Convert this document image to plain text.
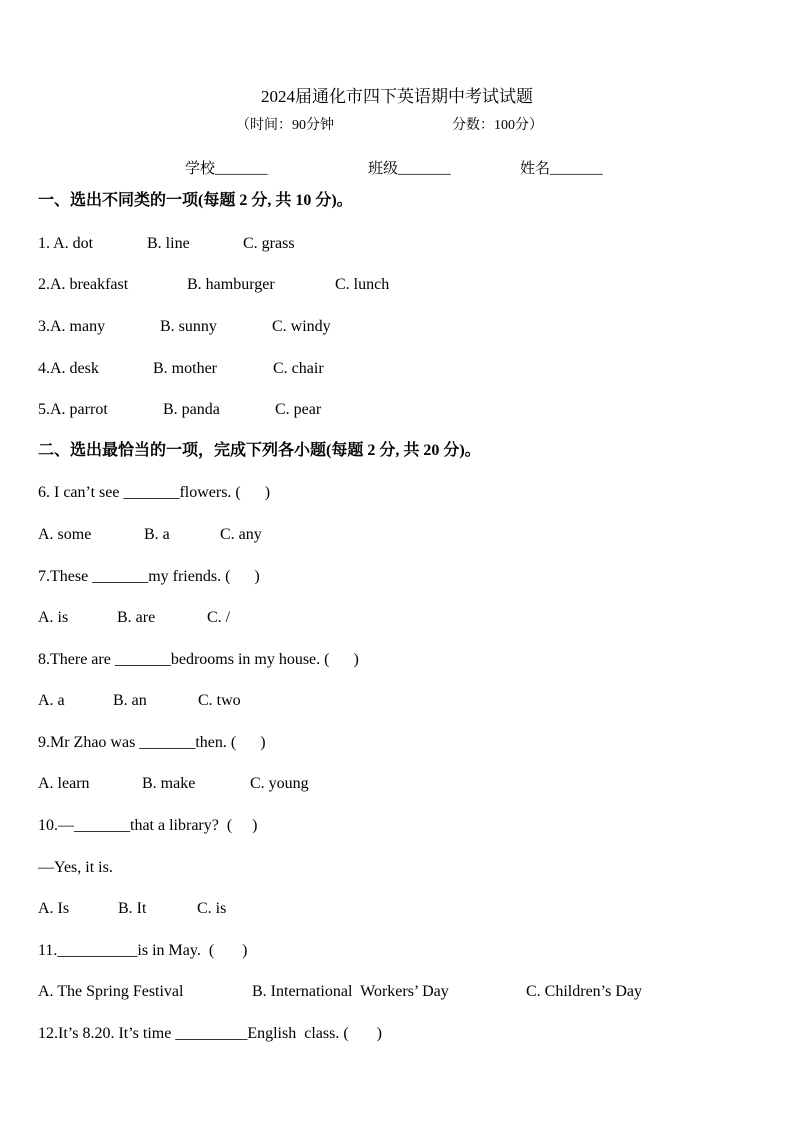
2024届通化市四下英语期中考试试题
（时间：90分钟	分数：100分）
学校_______	班级_______	姓名_______
一、选出不同类的一项(每题 2 分, 共 10 分)。
1. A. dot	B. line	C. grass
2.A. breakfast	B. hamburger	C. lunch
3.A. many	B. sunny	C. windy
4.A. desk	B. mother	C. chair
5.A. parrot	B. panda	C. pear
二、选出最恰当的一项，完成下列各小题(每题 2 分, 共 20 分)。
6. I can’t see _______flowers. (      )
A. some	B. a	C. any
7.These _______my friends. (      )
A. is	B. are	C. /
8.There are _______bedrooms in my house. (      )
A. a	B. an	C. two
9.Mr Zhao was _______then. (      )
A. learn	B. make	C. young
10.—_______that a library?  (     )
—Yes, it is.
A. Is	B. It	C. is
11.__________is in May.  (       )
A. The Spring Festival	B. International  Workers’ Day	C. Children’s Day
12.It’s 8.20. It’s time _________English  class. (       )
